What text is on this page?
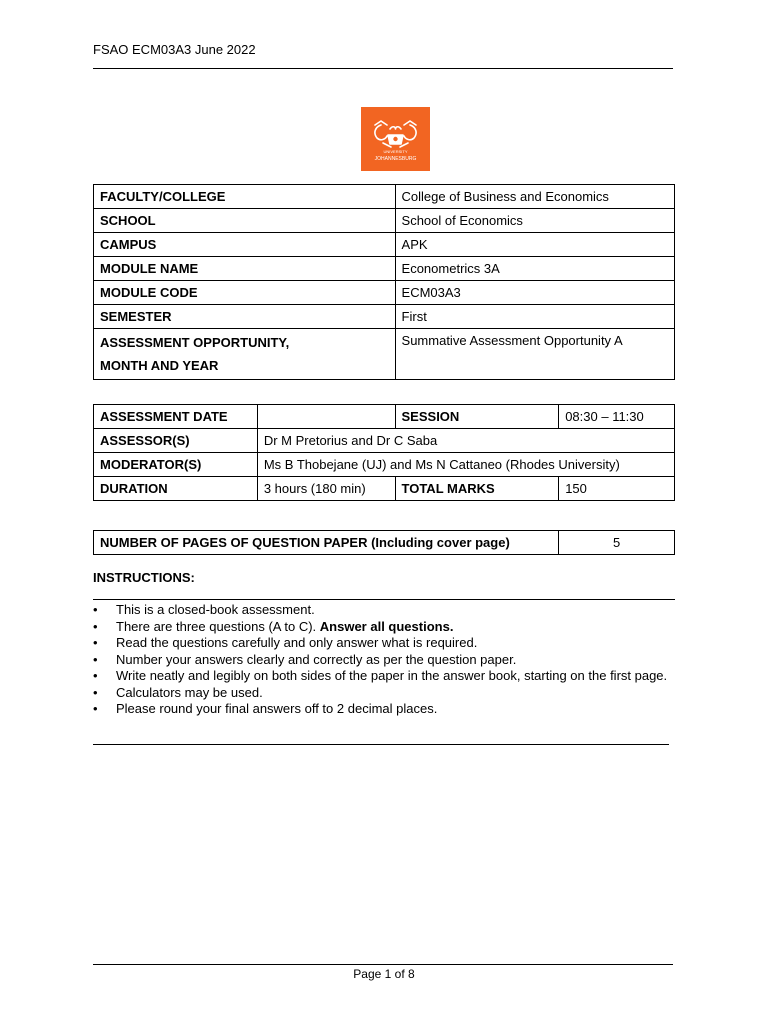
FSAO ECM03A3 June 2022
UNIVERSITY
JOHANNESBURG
FACULTY/COLLEGE	College of Business and Economics
SCHOOL	School of Economics
CAMPUS	APK
MODULE NAME	Econometrics 3A
MODULE CODE	ECM03A3
SEMESTER	First

ASSESSMENT OPPORTUNITY,
MONTH AND YEAR	Summative Assessment Opportunity A
ASSESSMENT DATE		SESSION	08:30 – 11:30
ASSESSOR(S)	Dr M Pretorius and Dr C Saba		
MODERATOR(S)	Ms B Thobejane (UJ) and Ms N Cattaneo (Rhodes University)		
DURATION	3 hours (180 min)	TOTAL MARKS	150
NUMBER OF PAGES OF QUESTION PAPER (Including cover page)	5
INSTRUCTIONS:
• This is a closed-book assessment.
• There are three questions (A to C). Answer all questions.
• Read the questions carefully and only answer what is required.
• Number your answers clearly and correctly as per the question paper.
• Write neatly and legibly on both sides of the paper in the answer book, starting on the first page.
• Calculators may be used.
• Please round your final answers off to 2 decimal places.
Page 1 of 8
